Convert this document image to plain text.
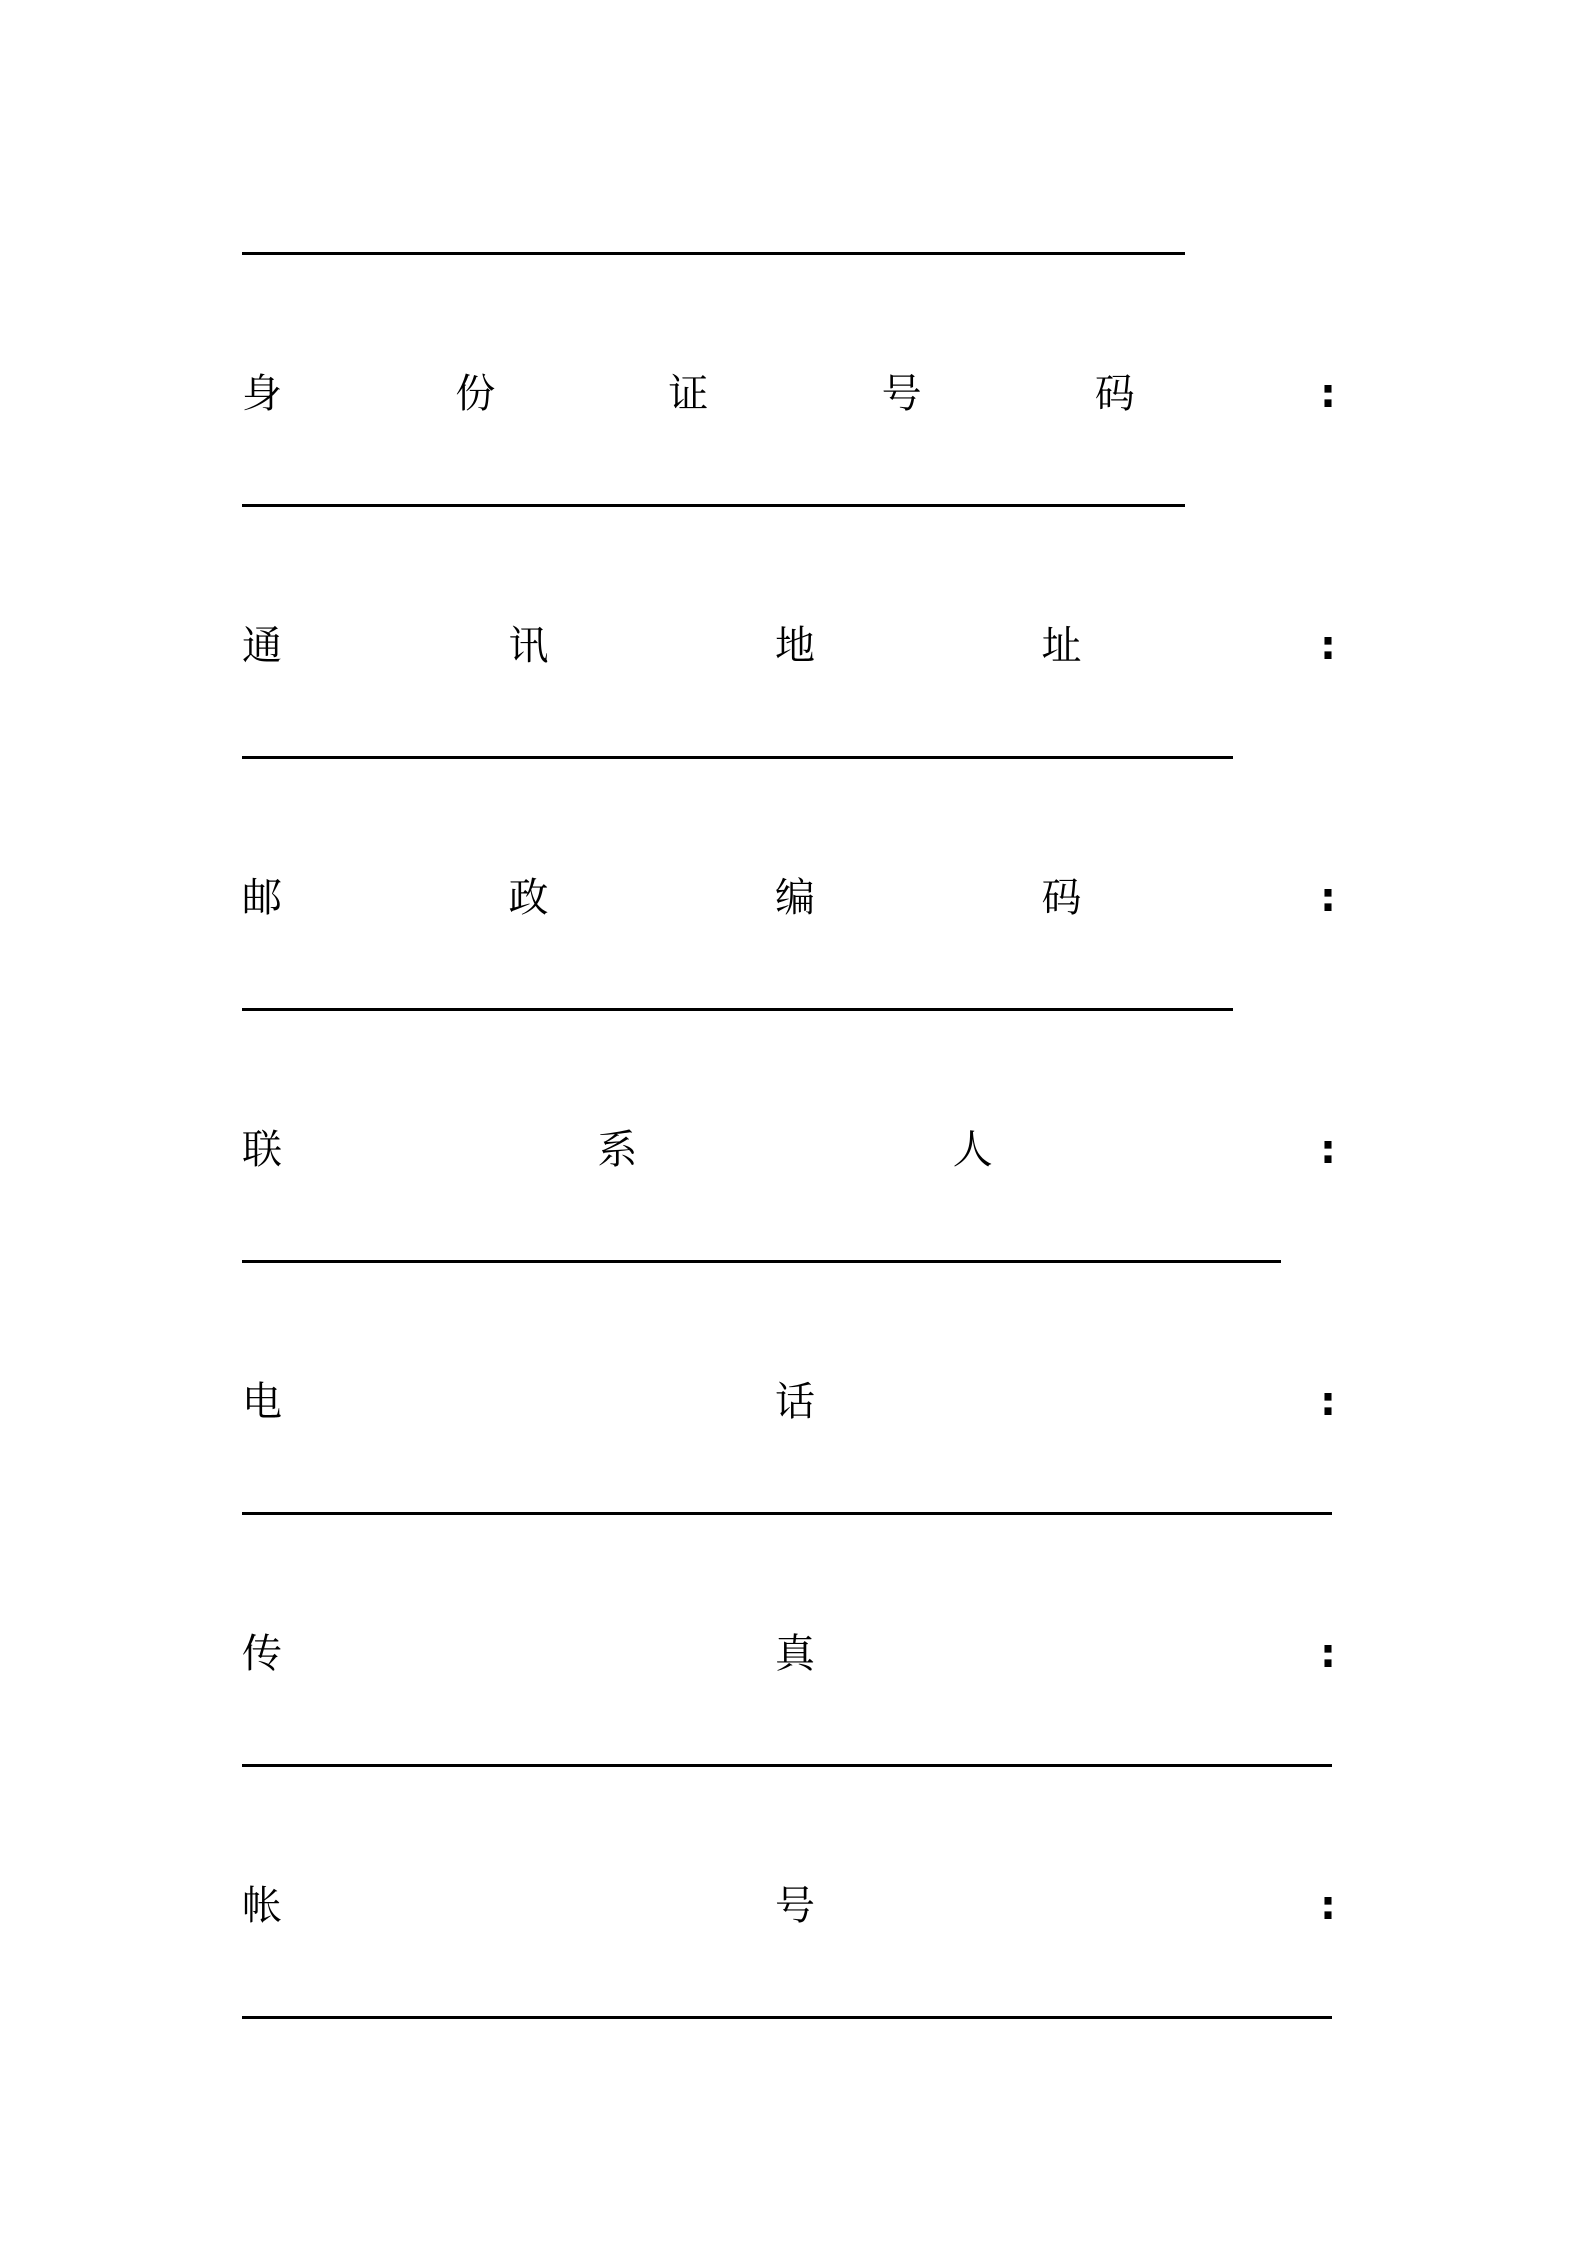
身	份	证	号	码	:
通	讯	地	址	:
邮	政	编	码	:
联	系	人	:
电	话	:
传	真	:
帐	号	:
